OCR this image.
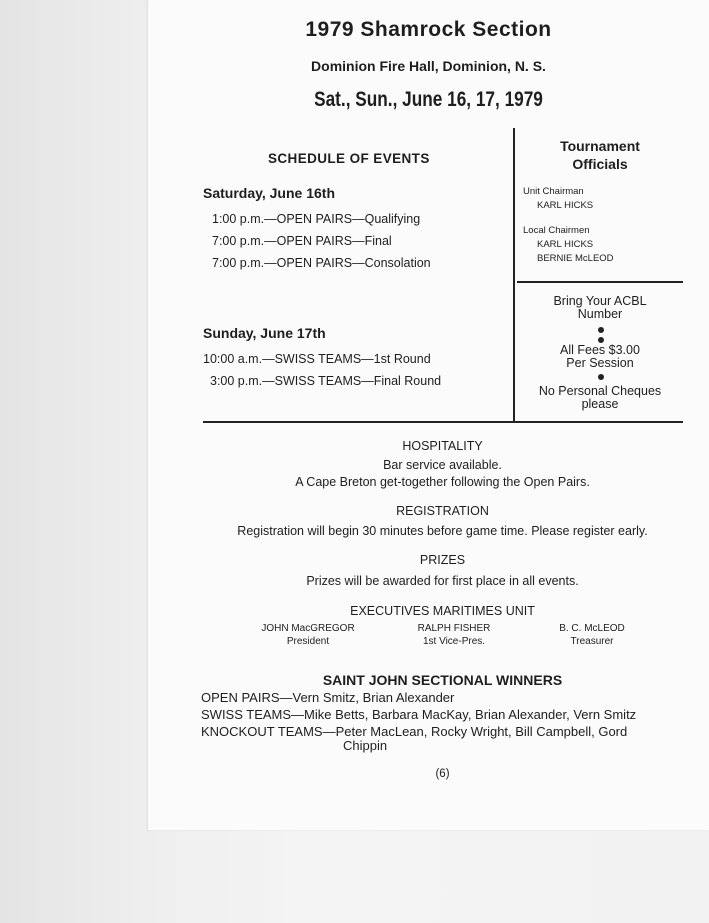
1979 Shamrock Section
Dominion Fire Hall, Dominion, N. S.
Sat., Sun., June 16, 17, 1979
SCHEDULE OF EVENTS
Saturday, June 16th
1:00 p.m.—OPEN PAIRS—Qualifying
7:00 p.m.—OPEN PAIRS—Final
7:00 p.m.—OPEN PAIRS—Consolation
Sunday, June 17th
10:00 a.m.—SWISS TEAMS—1st Round
3:00 p.m.—SWISS TEAMS—Final Round
Tournament
Officials
Unit Chairman
KARL HICKS
Local Chairmen
KARL HICKS
BERNIE McLEOD
Bring Your ACBL
Number
All Fees $3.00
Per Session
No Personal Cheques
please
HOSPITALITY
Bar service available.
A Cape Breton get-together following the Open Pairs.
REGISTRATION
Registration will begin 30 minutes before game time. Please register early.
PRIZES
Prizes will be awarded for first place in all events.
EXECUTIVES MARITIMES UNIT
JOHN MacGREGOR
President
RALPH FISHER
1st Vice-Pres.
B. C. McLEOD
Treasurer
SAINT JOHN SECTIONAL WINNERS
OPEN PAIRS—Vern Smitz, Brian Alexander
SWISS TEAMS—Mike Betts, Barbara MacKay, Brian Alexander, Vern Smitz
KNOCKOUT TEAMS—Peter MacLean, Rocky Wright, Bill Campbell, Gord
Chippin
(6)
